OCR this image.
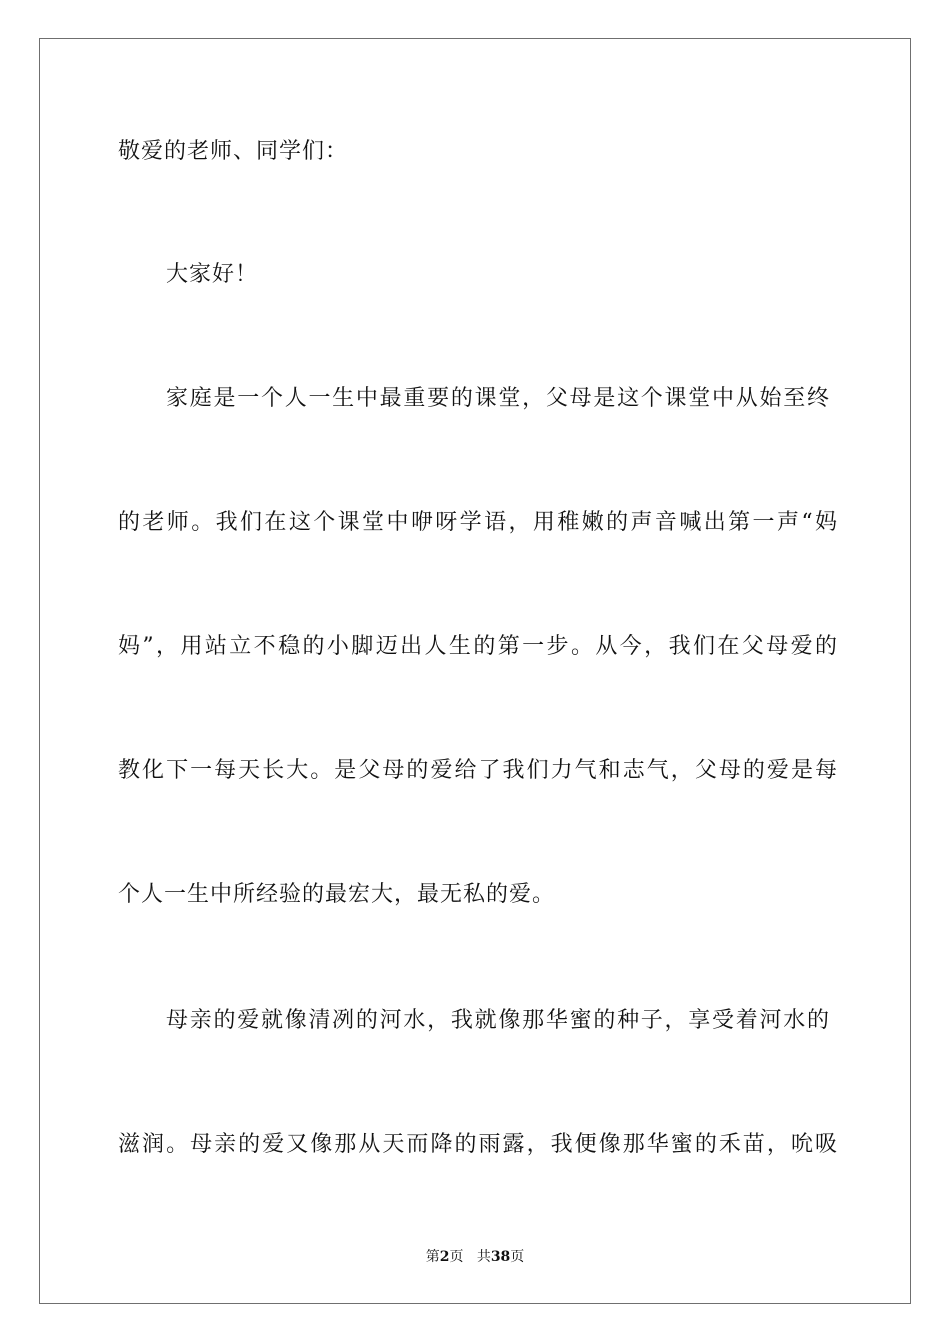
敬爱的老师、同学们：
大家好！
家庭是一个人一生中最重要的课堂，父母是这个课堂中从始至终
的老师。我们在这个课堂中咿呀学语，用稚嫩的声音喊出第一声“妈
妈”，用站立不稳的小脚迈出人生的第一步。从今，我们在父母爱的
教化下一每天长大。是父母的爱给了我们力气和志气，父母的爱是每
个人一生中所经验的最宏大，最无私的爱。
母亲的爱就像清冽的河水，我就像那华蜜的种子，享受着河水的
滋润。母亲的爱又像那从天而降的雨露，我便像那华蜜的禾苗，吮吸
第2页 共38页
